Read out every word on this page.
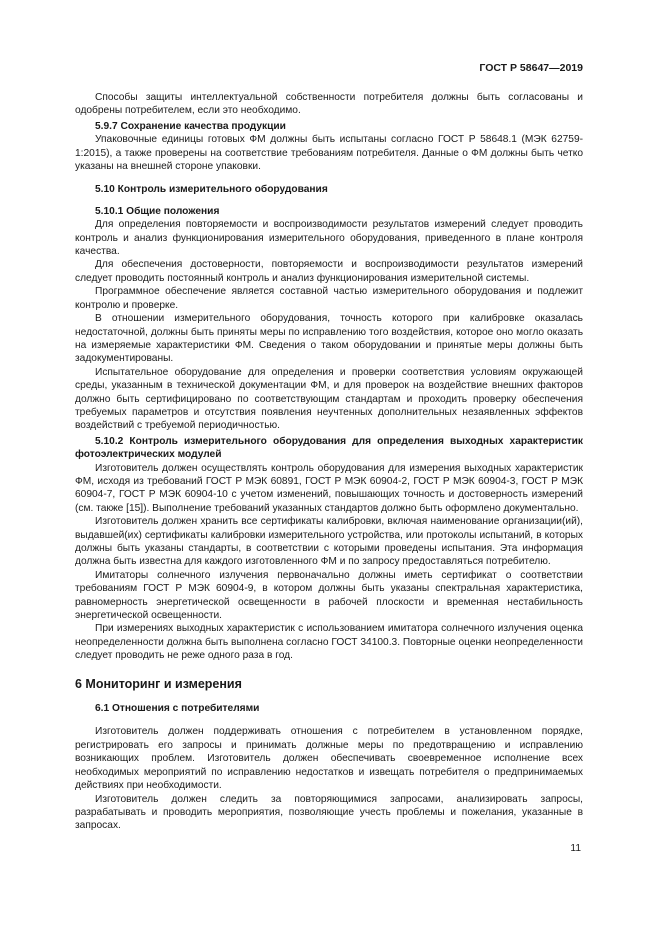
ГОСТ Р 58647—2019

Способы защиты интеллектуальной собственности потребителя должны быть согласованы и одобрены потребителем, если это необходимо.

5.9.7 Сохранение качества продукции

Упаковочные единицы готовых ФМ должны быть испытаны согласно ГОСТ Р 58648.1 (МЭК 62759-1:2015), а также проверены на соответствие требованиям потребителя. Данные о ФМ должны быть четко указаны на внешней стороне упаковки.

5.10 Контроль измерительного оборудования

5.10.1 Общие положения

Для определения повторяемости и воспроизводимости результатов измерений следует проводить контроль и анализ функционирования измерительного оборудования, приведенного в плане контроля качества.

Для обеспечения достоверности, повторяемости и воспроизводимости результатов измерений следует проводить постоянный контроль и анализ функционирования измерительной системы.

Программное обеспечение является составной частью измерительного оборудования и подлежит контролю и проверке.

В отношении измерительного оборудования, точность которого при калибровке оказалась недостаточной, должны быть приняты меры по исправлению того воздействия, которое оно могло оказать на измеряемые характеристики ФМ. Сведения о таком оборудовании и принятые меры должны быть задокументированы.

Испытательное оборудование для определения и проверки соответствия условиям окружающей среды, указанным в технической документации ФМ, и для проверок на воздействие внешних факторов должно быть сертифицировано по соответствующим стандартам и проходить проверку обеспечения требуемых параметров и отсутствия появления неучтенных дополнительных незаявленных эффектов воздействий с требуемой периодичностью.

5.10.2 Контроль измерительного оборудования для определения выходных характеристик фотоэлектрических модулей

Изготовитель должен осуществлять контроль оборудования для измерения выходных характеристик ФМ, исходя из требований ГОСТ Р МЭК 60891, ГОСТ Р МЭК 60904-2, ГОСТ Р МЭК 60904-3, ГОСТ Р МЭК 60904-7, ГОСТ Р МЭК 60904-10 с учетом изменений, повышающих точность и достоверность измерений (см. также [15]). Выполнение требований указанных стандартов должно быть оформлено документально.

Изготовитель должен хранить все сертификаты калибровки, включая наименование организации(ий), выдавшей(их) сертификаты калибровки измерительного устройства, или протоколы испытаний, в которых должны быть указаны стандарты, в соответствии с которыми проведены испытания. Эта информация должна быть известна для каждого изготовленного ФМ и по запросу предоставляться потребителю.

Имитаторы солнечного излучения первоначально должны иметь сертификат о соответствии требованиям ГОСТ Р МЭК 60904-9, в котором должны быть указаны спектральная характеристика, равномерность энергетической освещенности в рабочей плоскости и временная нестабильность энергетической освещенности.

При измерениях выходных характеристик с использованием имитатора солнечного излучения оценка неопределенности должна быть выполнена согласно ГОСТ 34100.3. Повторные оценки неопределенности следует проводить не реже одного раза в год.

6 Мониторинг и измерения

6.1 Отношения с потребителями

Изготовитель должен поддерживать отношения с потребителем в установленном порядке, регистрировать его запросы и принимать должные меры по предотвращению и исправлению возникающих проблем. Изготовитель должен обеспечивать своевременное исполнение всех необходимых мероприятий по исправлению недостатков и извещать потребителя о предпринимаемых действиях при необходимости.

Изготовитель должен следить за повторяющимися запросами, анализировать запросы, разрабатывать и проводить мероприятия, позволяющие учесть проблемы и пожелания, указанные в запросах.

11
